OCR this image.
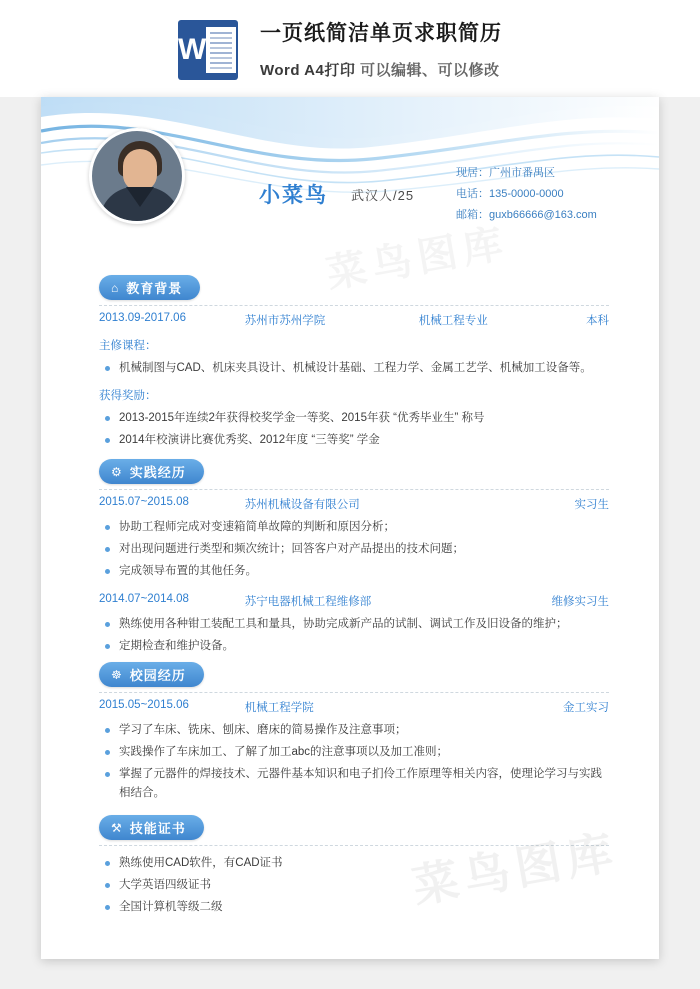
W	一页纸简洁单页求职简历
Word A4打印 可以编辑、可以修改
小菜鸟 武汉人/25
现居：广州市番禺区
电话：135-0000-0000
邮箱：guxb66666@163.com
⌂ 教育背景
2013.09-2017.06	苏州市苏州学院	机械工程专业	本科
主修课程：
机械制图与CAD、机床夹具设计、机械设计基础、工程力学、金属工艺学、机械加工设备等。
获得奖励：
2013-2015年连续2年获得校奖学金一等奖、2015年获 “优秀毕业生” 称号
2014年校演讲比赛优秀奖、2012年度 “三等奖” 学金
⚙ 实践经历
2015.07~2015.08	苏州机械设备有限公司	实习生
协助工程师完成对变速箱简单故障的判断和原因分析；
对出现问题进行类型和频次统计；回答客户对产品提出的技术问题；
完成领导布置的其他任务。
2014.07~2014.08	苏宁电器机械工程维修部	维修实习生
熟练使用各种钳工装配工具和量具，协助完成新产品的试制、调试工作及旧设备的维护；
定期检查和维护设备。
☸ 校园经历
2015.05~2015.06	机械工程学院	金工实习
学习了车床、铣床、刨床、磨床的简易操作及注意事项；
实践操作了车床加工、了解了加工abc的注意事项以及加工准则；
掌握了元器件的焊接技术、元器件基本知识和电子扪伶工作原理等相关内容，使理论学习与实践相结合。
⚒ 技能证书
熟练使用CAD软件，有CAD证书
大学英语四级证书
全国计算机等级二级	菜鸟图库
菜鸟图库
